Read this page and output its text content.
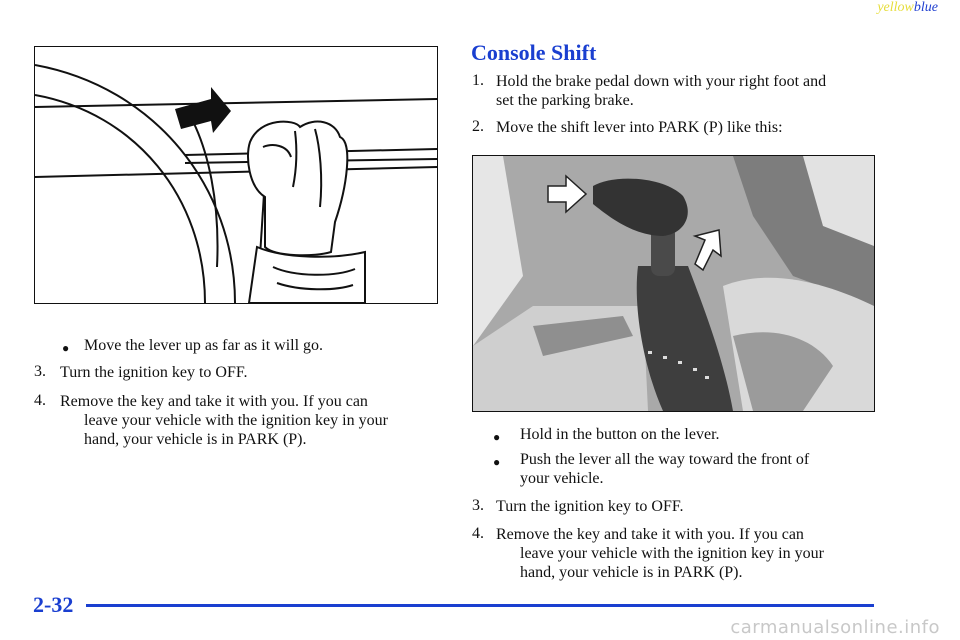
yellowblue
● Move the lever up as far as it will go.
3. Turn the ignition key to OFF.
4. Remove the key and take it with you. If you can
leave your vehicle with the ignition key in your
hand, your vehicle is in PARK (P).
Console Shift
1. Hold the brake pedal down with your right foot and
set the parking brake.
2. Move the shift lever into PARK (P) like this:
● Hold in the button on the lever.
● Push the lever all the way toward the front of
your vehicle.
3. Turn the ignition key to OFF.
4. Remove the key and take it with you. If you can
leave your vehicle with the ignition key in your
hand, your vehicle is in PARK (P).
2-32
carmanualsonline.info
